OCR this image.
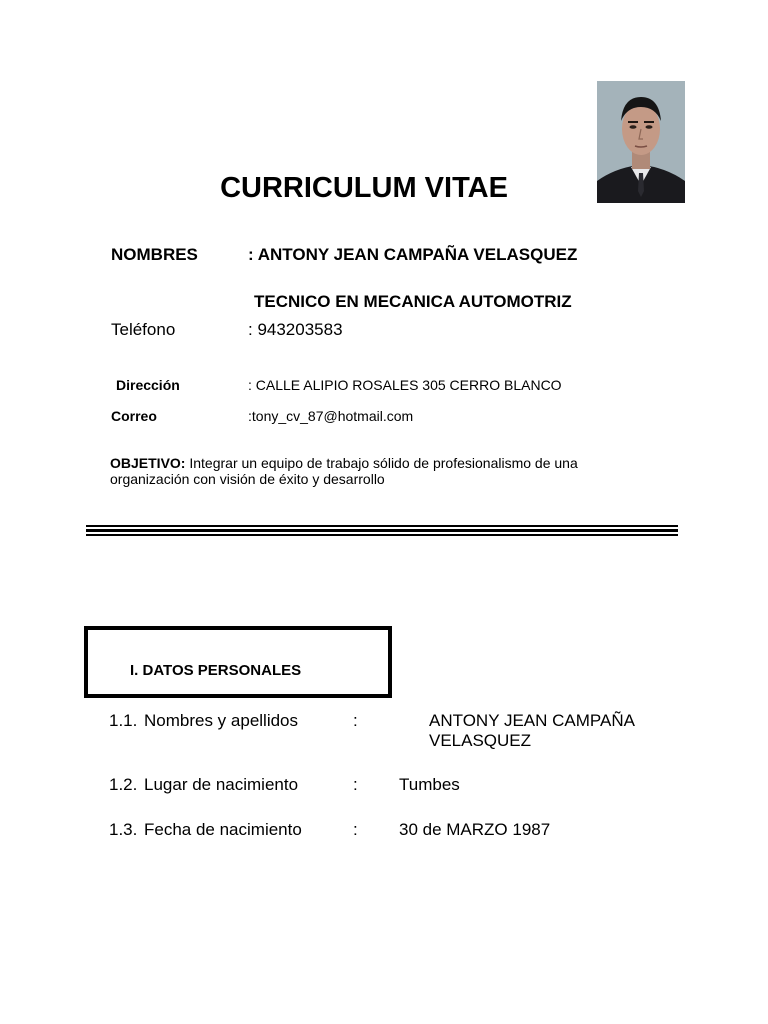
CURRICULUM VITAE
NOMBRES	: ANTONY JEAN CAMPAÑA VELASQUEZ
TECNICO EN MECANICA AUTOMOTRIZ
Teléfono	: 943203583
Dirección	: CALLE ALIPIO ROSALES 305 CERRO BLANCO
Correo	:tony_cv_87@hotmail.com
OBJETIVO: Integrar un equipo de trabajo sólido de profesionalismo de una organización con visión de éxito y desarrollo
I. DATOS PERSONALES
1.1. Nombres y apellidos	:	ANTONY JEAN CAMPAÑA
VELASQUEZ
1.2. Lugar de nacimiento	: Tumbes
1.3. Fecha de nacimiento	: 30 de MARZO 1987
